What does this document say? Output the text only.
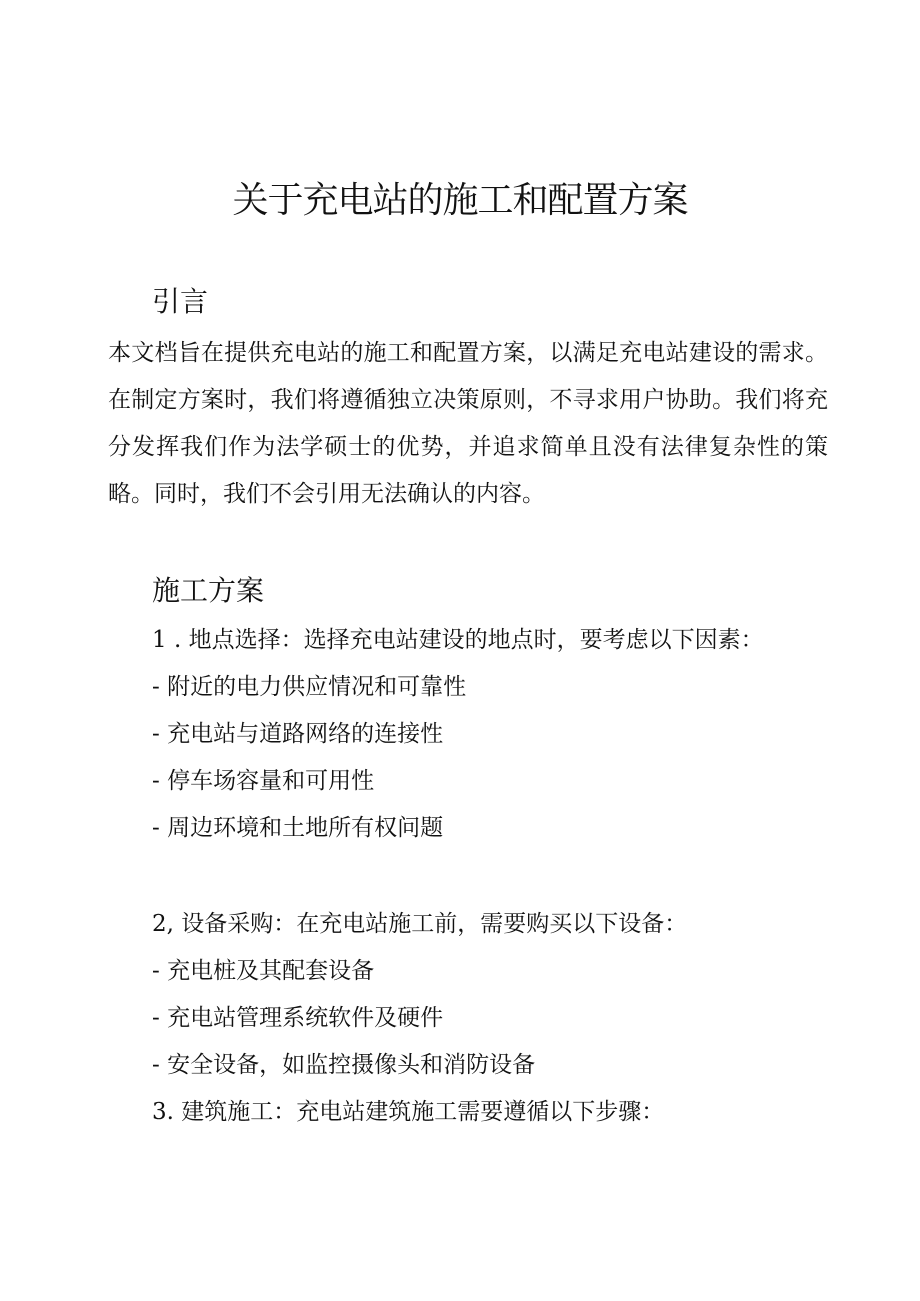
关于充电站的施工和配置方案
引言

本文档旨在提供充电站的施工和配置方案，以满足充电站建设的需求。在制定方案时，我们将遵循独立决策原则，不寻求用户协助。我们将充分发挥我们作为法学硕士的优势，并追求简单且没有法律复杂性的策略。同时，我们不会引用无法确认的内容。

施工方案

1 . 地点选择：选择充电站建设的地点时，要考虑以下因素：

- 附近的电力供应情况和可靠性

- 充电站与道路网络的连接性

- 停车场容量和可用性

- 周边环境和土地所有权问题

2, 设备采购：在充电站施工前，需要购买以下设备：

- 充电桩及其配套设备

- 充电站管理系统软件及硬件

- 安全设备，如监控摄像头和消防设备

3. 建筑施工：充电站建筑施工需要遵循以下步骤：
